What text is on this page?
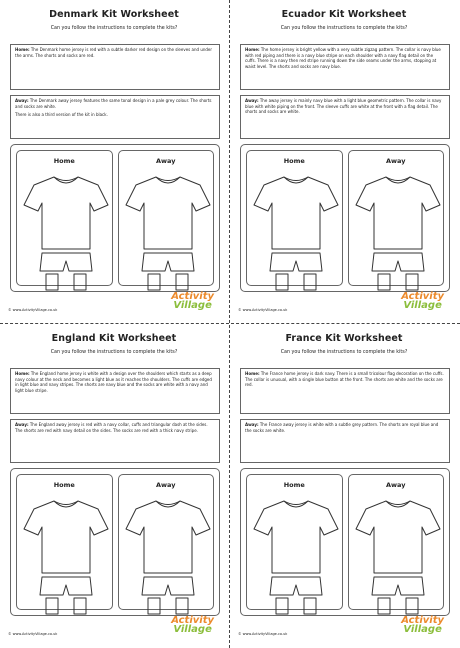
Denmark Kit Worksheet
Can you follow the instructions to complete the kits?

Home: The Denmark home jersey is red with a subtle darker red design on the sleeves and under the arms. The shorts and socks are red.

Away: The Denmark away jersey features the same tonal design in a pale grey colour. The shorts and socks are white.

There is also a third version of the kit in black.

Home	Away
© www.ActivityVillage.co.uk
Activity
Village
Ecuador Kit Worksheet
Can you follow the instructions to complete the kits?

Home: The home jersey is bright yellow with a very subtle zigzag pattern. The collar is navy blue with red piping and there is a navy blue stripe on each shoulder with a navy flag detail on the cuffs. There is a navy then red stripe running down the side seams under the arms, stopping at waist level. The shorts and socks are navy blue.

Away: The away jersey is mainly navy blue with a light blue geometric pattern. The collar is navy blue with white piping on the front. The sleeve cuffs are white at the front with a flag detail. The shorts and socks are white.

Home	Away
© www.ActivityVillage.co.uk
Activity
Village
England Kit Worksheet
Can you follow the instructions to complete the kits?

Home: The England home jersey is white with a design over the shoulders which starts as a deep navy colour at the neck and becomes a light blue as it reaches the shoulders. The cuffs are edged in light blue and navy stripes. The shorts are navy blue and the socks are white with a navy and light blue stripe.

Away: The England away jersey is red with a navy collar, cuffs and triangular dash at the sides. The shorts are red with navy detail on the sides. The socks are red with a thick navy stripe.

Home	Away
© www.ActivityVillage.co.uk
Activity
Village
France Kit Worksheet
Can you follow the instructions to complete the kits?

Home: The France home jersey is dark navy. There is a small tricolour flag decoration on the cuffs. The collar is unusual, with a single blue button at the front. The shorts are white and the socks are red.

Away: The France away jersey is white with a subtle grey pattern. The shorts are royal blue and the socks are white.

Home	Away
© www.ActivityVillage.co.uk
Activity
Village
